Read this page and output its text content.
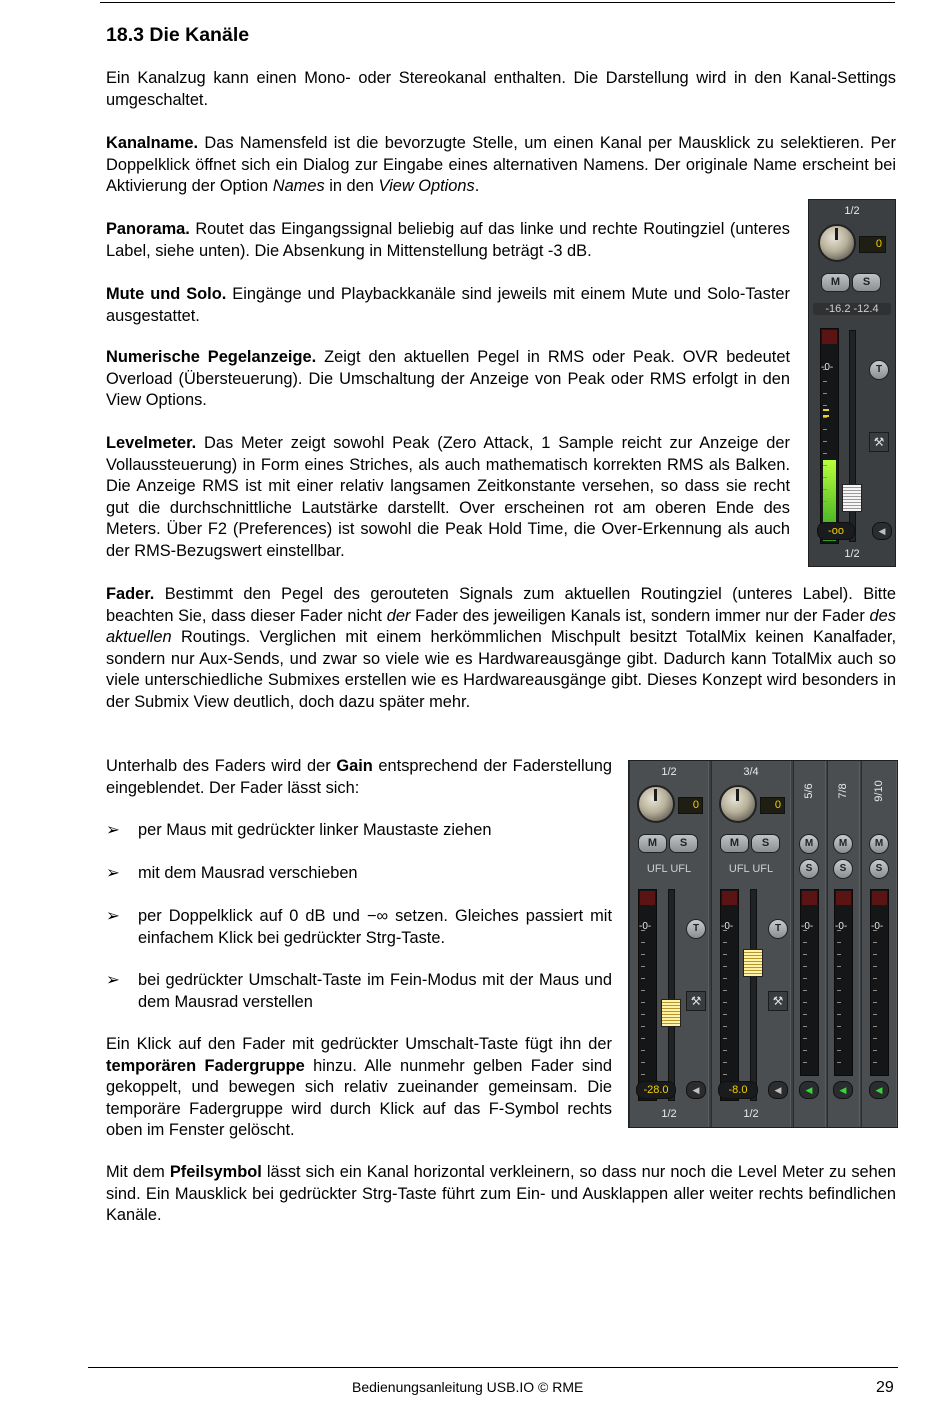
18.3 Die Kanäle
Ein Kanalzug kann einen Mono- oder Stereokanal enthalten. Die Darstellung wird in den Kanal-Settings umgeschaltet.
Kanalname. Das Namensfeld ist die bevorzugte Stelle, um einen Kanal per Mausklick zu selektieren. Per Doppelklick öffnet sich ein Dialog zur Eingabe eines alternativen Namens. Der originale Name erscheint bei Aktivierung der Option Names in den View Options.
Panorama. Routet das Eingangssignal beliebig auf das linke und rechte Routingziel (unteres Label, siehe unten). Die Absenkung in Mittenstellung beträgt -3 dB.
Mute und Solo. Eingänge und Playbackkanäle sind jeweils mit einem Mute und Solo-Taster ausgestattet.
Numerische Pegelanzeige. Zeigt den aktuellen Pegel in RMS oder Peak. OVR bedeutet Overload (Übersteuerung). Die Umschaltung der Anzeige von Peak oder RMS erfolgt in den View Options.
Levelmeter. Das Meter zeigt sowohl Peak (Zero Attack, 1 Sample reicht zur Anzeige der Vollaussteuerung) in Form eines Striches, als auch mathematisch korrekten RMS als Balken. Die Anzeige RMS ist mit einer relativ langsamen Zeitkonstante versehen, so dass sie recht gut die durchschnittliche Lautstärke darstellt. Over erscheinen rot am oberen Ende des Meters. Über F2 (Preferences) ist sowohl die Peak Hold Time, die Over-Erkennung als auch der RMS-Bezugswert einstellbar.
1/2
0
M	S
-16.2 -12.4
-0-	T
⚒
-oo	◀
1/2
Fader. Bestimmt den Pegel des gerouteten Signals zum aktuellen Routingziel (unteres Label). Bitte beachten Sie, dass dieser Fader nicht der Fader des jeweiligen Kanals ist, sondern immer nur der Fader des aktuellen Routings. Verglichen mit einem herkömmlichen Mischpult besitzt TotalMix keinen Kanalfader, sondern nur Aux-Sends, und zwar so viele wie es Hardwareausgänge gibt. Dadurch kann TotalMix auch so viele unterschiedliche Submixes erstellen wie es Hardwareausgänge gibt. Dieses Konzept wird besonders in der Submix View deutlich, doch dazu später mehr.
Unterhalb des Faders wird der Gain entsprechend der Faderstellung eingeblendet. Der Fader lässt sich:
➢	per Maus mit gedrückter linker Maustaste ziehen
➢	mit dem Mausrad verschieben
➢	per Doppelklick auf 0 dB und −∞ setzen. Gleiches passiert mit einfachem Klick bei gedrückter Strg-Taste.
➢	bei gedrückter Umschalt-Taste im Fein-Modus mit der Maus und dem Mausrad verstellen
Ein Klick auf den Fader mit gedrückter Umschalt-Taste fügt ihn der temporären Fadergruppe hinzu. Alle nunmehr gelben Fader sind gekoppelt, und bewegen sich relativ zueinander gemeinsam. Die temporäre Fadergruppe wird durch Klick auf das F-Symbol rechts oben im Fenster gelöscht.
1/2
0
M	S
UFL UFL
-0-	T
⚒
-28.0	◀
1/2
3/4
0
M	S
UFL UFL
-0-	T
⚒
-8.0	◀
1/2
5/6
M
S
-0-
◀
7/8
M
S
-0-
◀
9/10
M
S
-0-
◀
Mit dem Pfeilsymbol lässt sich ein Kanal horizontal verkleinern, so dass nur noch die Level Meter zu sehen sind. Ein Mausklick bei gedrückter Strg-Taste führt zum Ein- und Ausklappen aller weiter rechts befindlichen Kanäle.
Bedienungsanleitung USB.IO © RME	29
